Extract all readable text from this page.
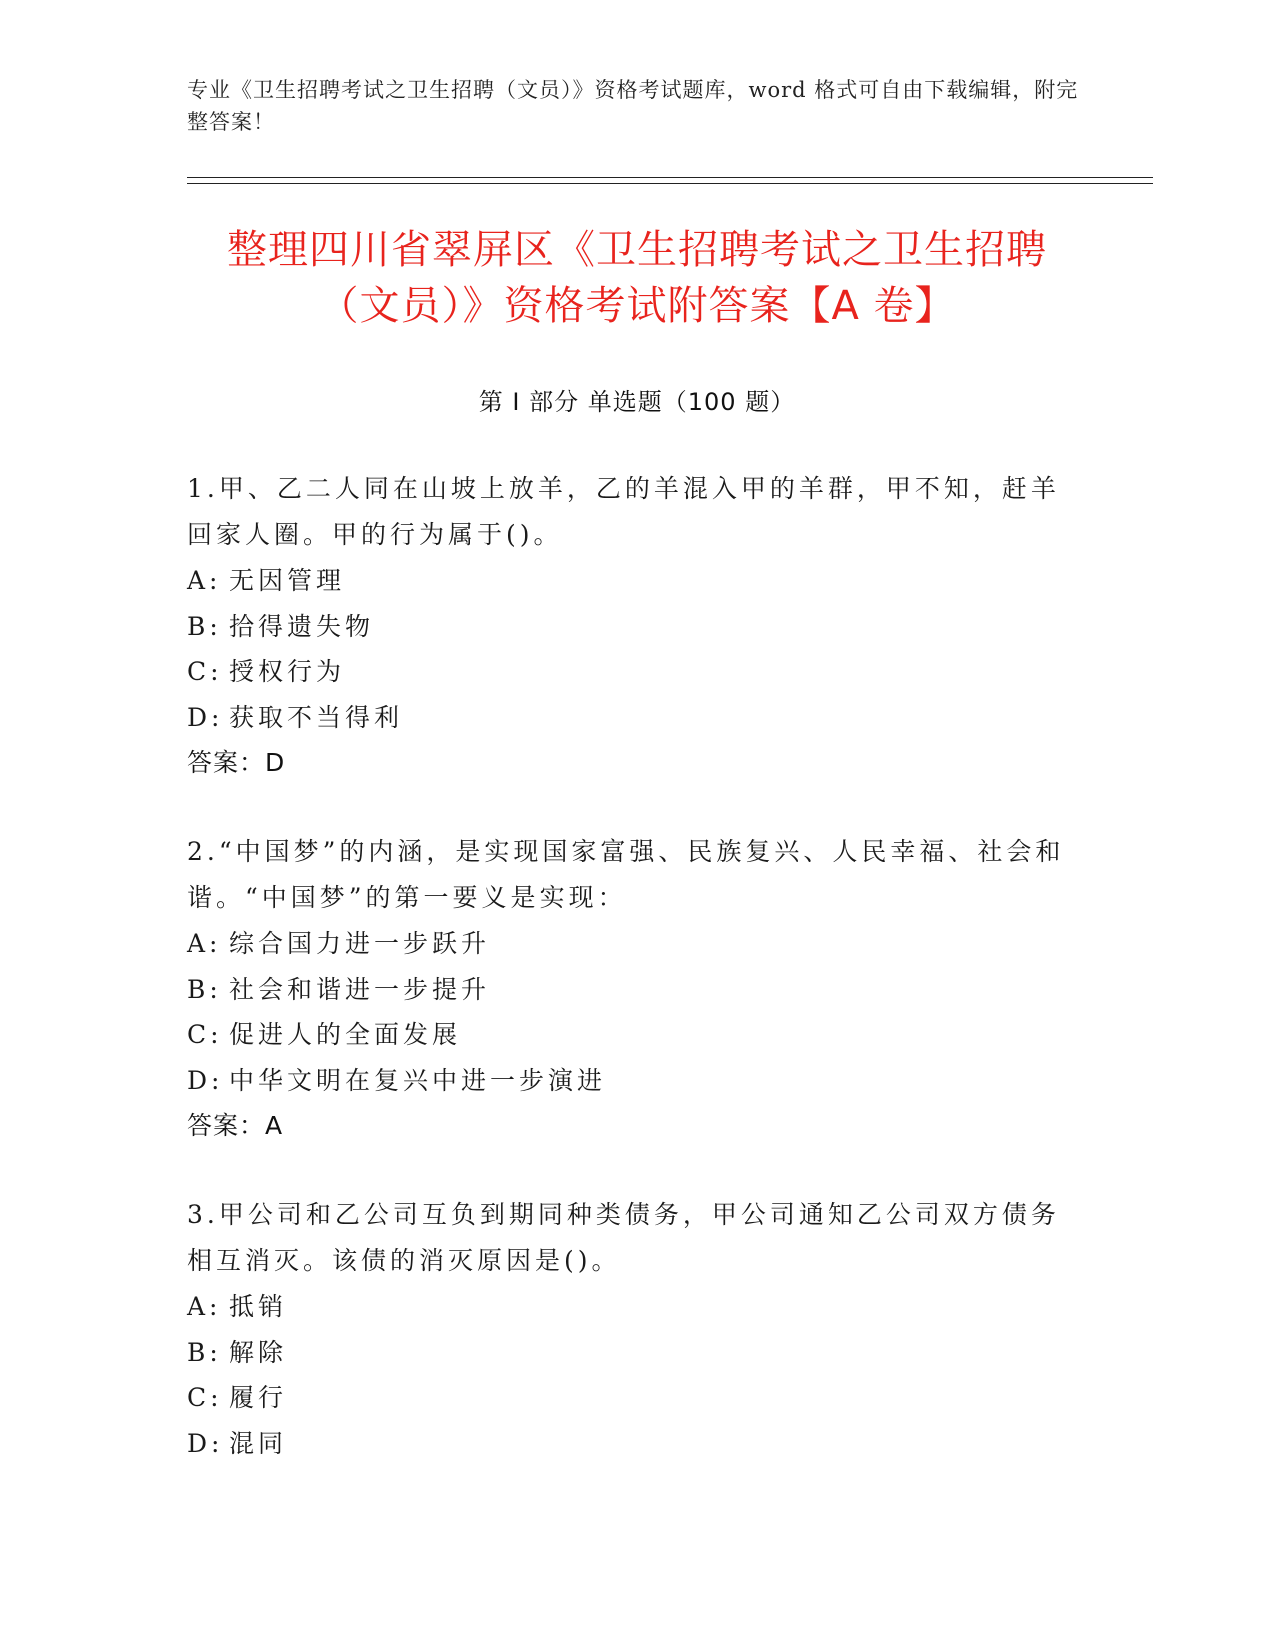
专业《卫生招聘考试之卫生招聘（文员）》资格考试题库，word 格式可自由下载编辑，附完整答案！
整理四川省翠屏区《卫生招聘考试之卫生招聘（文员）》资格考试附答案【A 卷】
第 I 部分 单选题（100 题）
1.甲、乙二人同在山坡上放羊，乙的羊混入甲的羊群，甲不知，赶羊回家人圈。甲的行为属于()。
A: 无因管理
B: 拾得遗失物
C: 授权行为
D: 获取不当得利
答案：D
2.“中国梦”的内涵，是实现国家富强、民族复兴、人民幸福、社会和谐。“中国梦”的第一要义是实现：
A: 综合国力进一步跃升
B: 社会和谐进一步提升
C: 促进人的全面发展
D: 中华文明在复兴中进一步演进
答案：A
3.甲公司和乙公司互负到期同种类债务，甲公司通知乙公司双方债务相互消灭。该债的消灭原因是()。
A: 抵销
B: 解除
C: 履行
D: 混同
